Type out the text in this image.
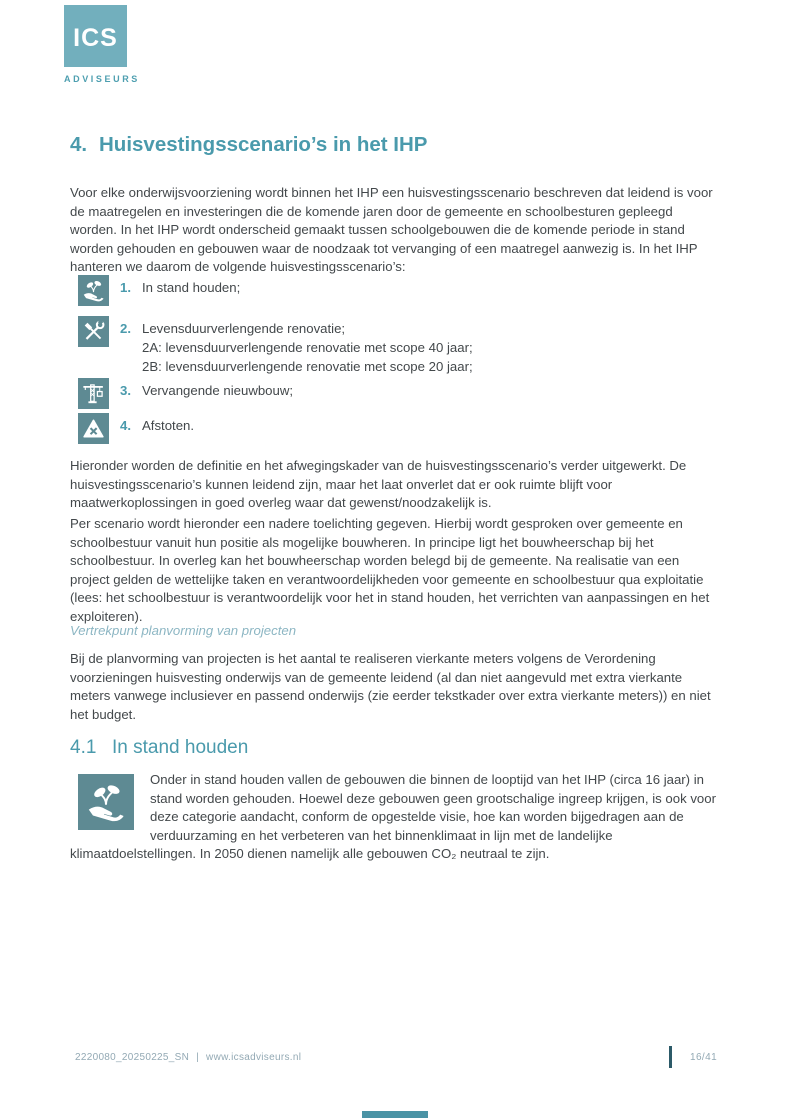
ICS
ADVISEURS
4. Huisvestingsscenario’s in het IHP
Voor elke onderwijsvoorziening wordt binnen het IHP een huisvestingsscenario beschreven dat leidend is voor de maatregelen en investeringen die de komende jaren door de gemeente en schoolbesturen gepleegd worden. In het IHP wordt onderscheid gemaakt tussen schoolgebouwen die de komende periode in stand worden gehouden en gebouwen waar de noodzaak tot vervanging of een maatregel aanwezig is. In het IHP hanteren we daarom de volgende huisvestingsscenario’s:
1. In stand houden;
2. Levensduurverlengende renovatie;
2A: levensduurverlengende renovatie met scope 40 jaar;
2B: levensduurverlengende renovatie met scope 20 jaar;
3. Vervangende nieuwbouw;
4. Afstoten.
Hieronder worden de definitie en het afwegingskader van de huisvestingsscenario’s verder uitgewerkt. De huisvestingsscenario’s kunnen leidend zijn, maar het laat onverlet dat er ook ruimte blijft voor maatwerkoplossingen in goed overleg waar dat gewenst/noodzakelijk is.
Per scenario wordt hieronder een nadere toelichting gegeven. Hierbij wordt gesproken over gemeente en schoolbestuur vanuit hun positie als mogelijke bouwheren. In principe ligt het bouwheerschap bij het schoolbestuur. In overleg kan het bouwheerschap worden belegd bij de gemeente. Na realisatie van een project gelden de wettelijke taken en verantwoordelijkheden voor gemeente en schoolbestuur qua exploitatie (lees: het schoolbestuur is verantwoordelijk voor het in stand houden, het verrichten van aanpassingen en het exploiteren).
Vertrekpunt planvorming van projecten
Bij de planvorming van projecten is het aantal te realiseren vierkante meters volgens de Verordening voorzieningen huisvesting onderwijs van de gemeente leidend (al dan niet aangevuld met extra vierkante meters vanwege inclusiever en passend onderwijs (zie eerder tekstkader over extra vierkante meters)) en niet het budget.
4.1 In stand houden
Onder in stand houden vallen de gebouwen die binnen de looptijd van het IHP (circa 16 jaar) in stand worden gehouden. Hoewel deze gebouwen geen grootschalige ingreep krijgen, is ook voor deze categorie aandacht, conform de opgestelde visie, hoe kan worden bijgedragen aan de verduurzaming en het verbeteren van het binnenklimaat in lijn met de landelijke klimaatdoelstellingen. In 2050 dienen namelijk alle gebouwen CO₂ neutraal te zijn.
2220080_20250225_SN | www.icsadviseurs.nl	16/41
